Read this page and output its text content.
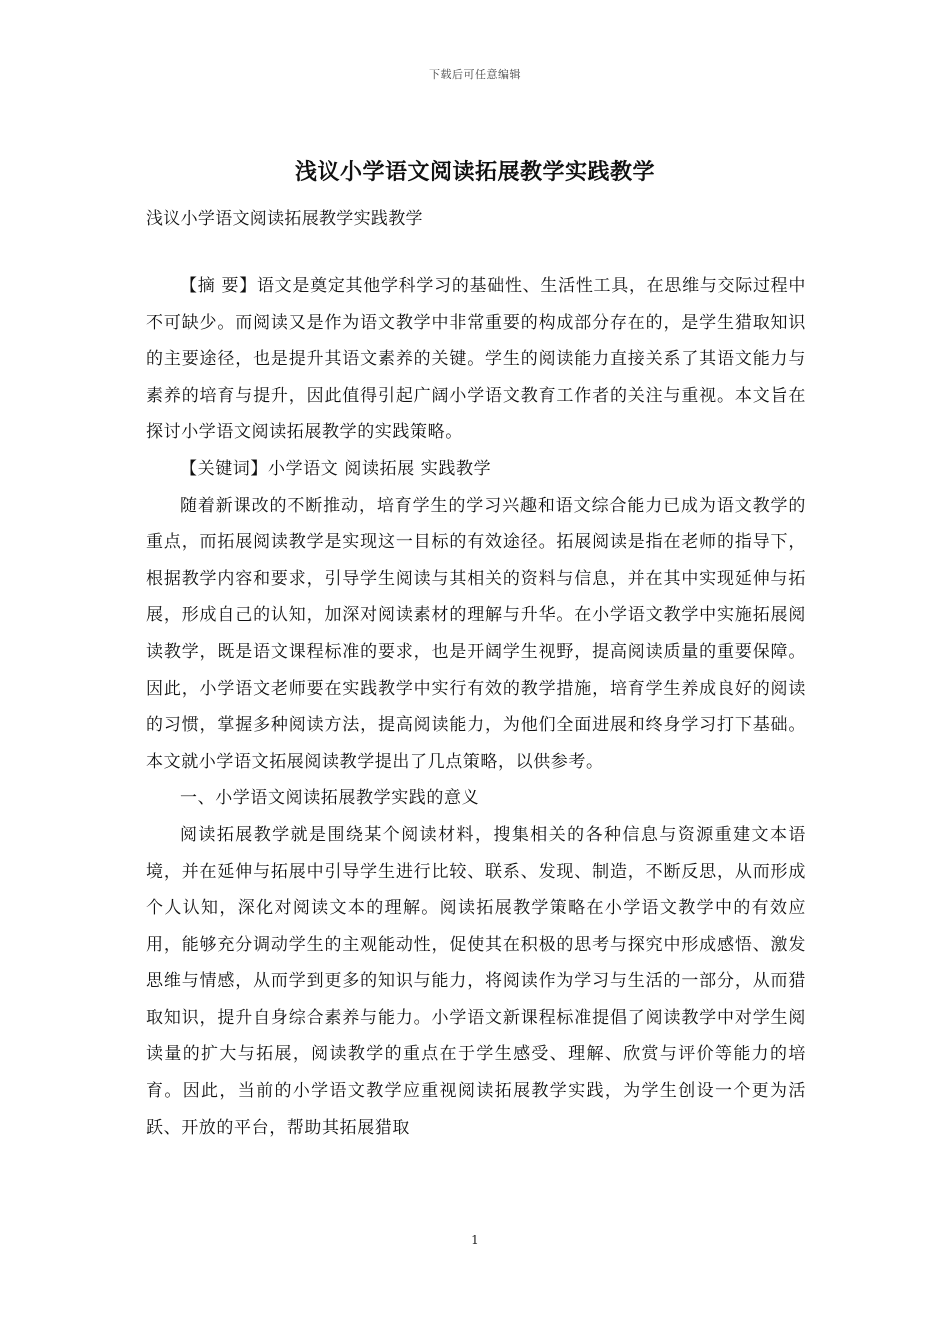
下载后可任意编辑
浅议小学语文阅读拓展教学实践教学
浅议小学语文阅读拓展教学实践教学

【摘 要】语文是奠定其他学科学习的基础性、生活性工具，在思维与交际过程中不可缺少。而阅读又是作为语文教学中非常重要的构成部分存在的，是学生猎取知识的主要途径，也是提升其语文素养的关键。学生的阅读能力直接关系了其语文能力与素养的培育与提升，因此值得引起广阔小学语文教育工作者的关注与重视。本文旨在探讨小学语文阅读拓展教学的实践策略。

【关键词】小学语文 阅读拓展 实践教学

随着新课改的不断推动，培育学生的学习兴趣和语文综合能力已成为语文教学的重点，而拓展阅读教学是实现这一目标的有效途径。拓展阅读是指在老师的指导下，根据教学内容和要求，引导学生阅读与其相关的资料与信息，并在其中实现延伸与拓展，形成自己的认知，加深对阅读素材的理解与升华。在小学语文教学中实施拓展阅读教学，既是语文课程标准的要求，也是开阔学生视野，提高阅读质量的重要保障。因此，小学语文老师要在实践教学中实行有效的教学措施，培育学生养成良好的阅读的习惯，掌握多种阅读方法，提高阅读能力，为他们全面进展和终身学习打下基础。本文就小学语文拓展阅读教学提出了几点策略，以供参考。

一、小学语文阅读拓展教学实践的意义

阅读拓展教学就是围绕某个阅读材料，搜集相关的各种信息与资源重建文本语境，并在延伸与拓展中引导学生进行比较、联系、发现、制造，不断反思，从而形成个人认知，深化对阅读文本的理解。阅读拓展教学策略在小学语文教学中的有效应用，能够充分调动学生的主观能动性，促使其在积极的思考与探究中形成感悟、激发思维与情感，从而学到更多的知识与能力，将阅读作为学习与生活的一部分，从而猎取知识，提升自身综合素养与能力。小学语文新课程标准提倡了阅读教学中对学生阅读量的扩大与拓展，阅读教学的重点在于学生感受、理解、欣赏与评价等能力的培育。因此，当前的小学语文教学应重视阅读拓展教学实践，为学生创设一个更为活跃、开放的平台，帮助其拓展猎取

1
